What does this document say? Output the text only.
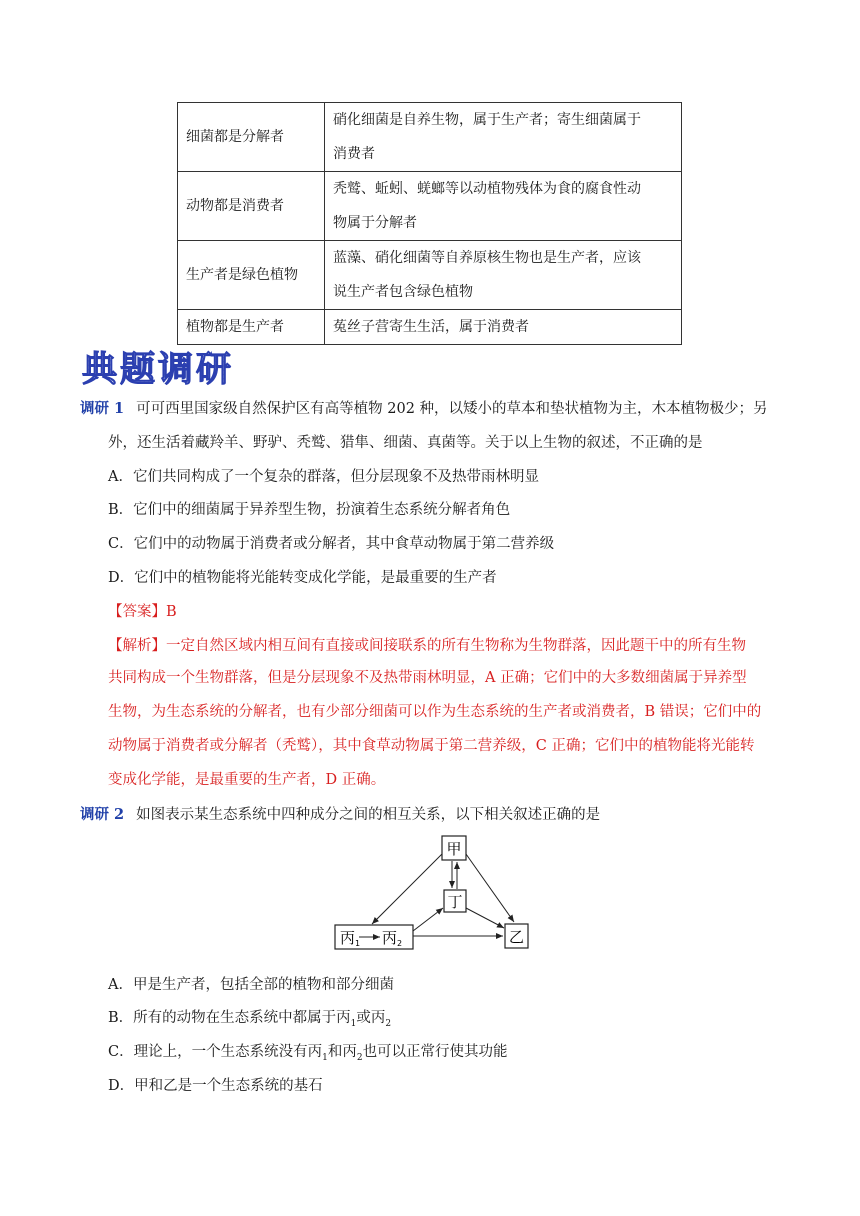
细菌都是分解者	硝化细菌是自养生物，属于生产者；寄生细菌属于
消费者
动物都是消费者	秃鹫、蚯蚓、蜣螂等以动植物残体为食的腐食性动
物属于分解者
生产者是绿色植物	蓝藻、硝化细菌等自养原核生物也是生产者，应该
说生产者包含绿色植物
植物都是生产者	菟丝子营寄生生活，属于消费者
典题调研
调研 1 可可西里国家级自然保护区有高等植物 202 种，以矮小的草本和垫状植物为主，木本植物极少；另
外，还生活着藏羚羊、野驴、秃鹫、猎隼、细菌、真菌等。关于以上生物的叙述，不正确的是
A．它们共同构成了一个复杂的群落，但分层现象不及热带雨林明显
B．它们中的细菌属于异养型生物，扮演着生态系统分解者角色
C．它们中的动物属于消费者或分解者，其中食草动物属于第二营养级
D．它们中的植物能将光能转变成化学能，是最重要的生产者
【答案】B
【解析】一定自然区域内相互间有直接或间接联系的所有生物称为生物群落，因此题干中的所有生物
共同构成一个生物群落，但是分层现象不及热带雨林明显，A 正确；它们中的大多数细菌属于异养型
生物，为生态系统的分解者，也有少部分细菌可以作为生态系统的生产者或消费者，B 错误；它们中的
动物属于消费者或分解者（秃鹫），其中食草动物属于第二营养级，C 正确；它们中的植物能将光能转
变成化学能，是最重要的生产者，D 正确。
调研 2 如图表示某生态系统中四种成分之间的相互关系，以下相关叙述正确的是
甲
丁
乙
丙$_1$ 丙$_2$
A．甲是生产者，包括全部的植物和部分细菌
B．所有的动物在生态系统中都属于丙$_1$或丙$_2$
C．理论上，一个生态系统没有丙$_1$和丙$_2$也可以正常行使其功能
D．甲和乙是一个生态系统的基石
